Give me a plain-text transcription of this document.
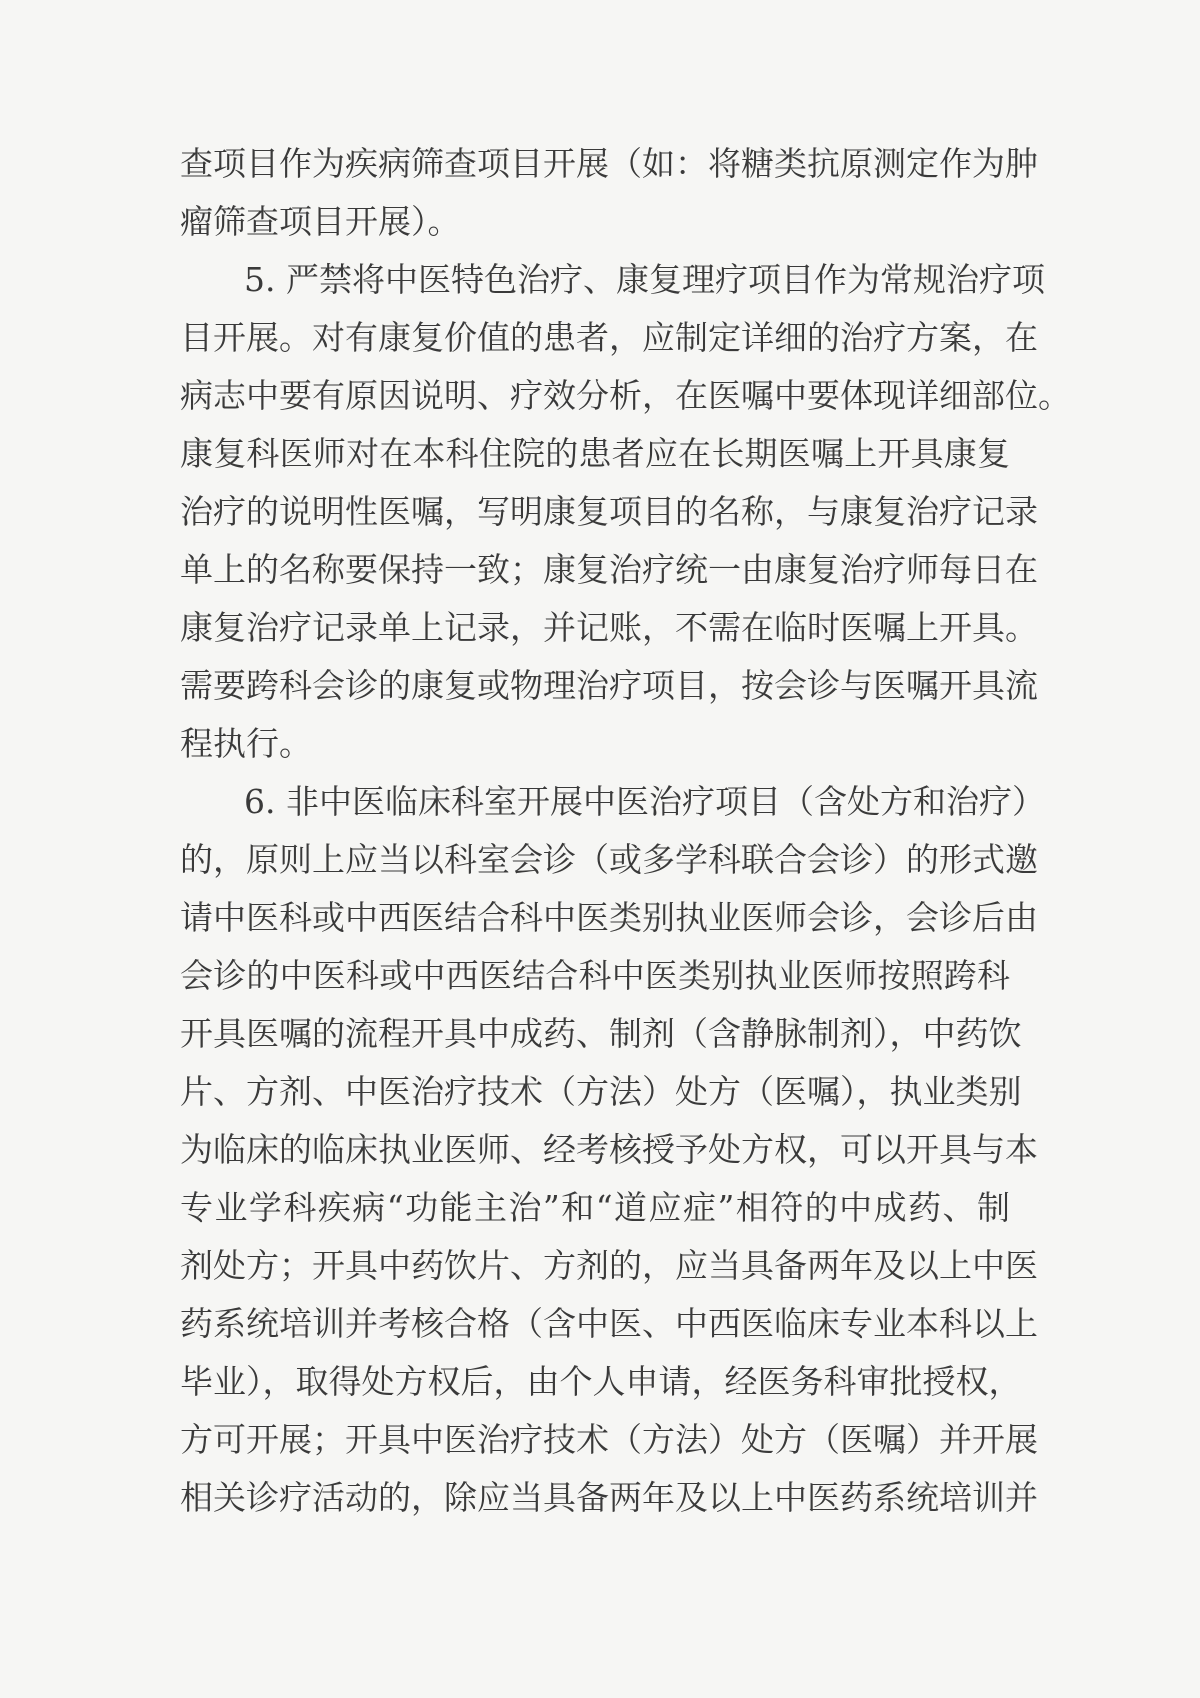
查项目作为疾病筛查项目开展（如：将糖类抗原测定作为肿
瘤筛查项目开展）。
5. 严禁将中医特色治疗、康复理疗项目作为常规治疗项
目开展。对有康复价值的患者，应制定详细的治疗方案，在
病志中要有原因说明、疗效分析，在医嘱中要体现详细部位。
康复科医师对在本科住院的患者应在长期医嘱上开具康复
治疗的说明性医嘱，写明康复项目的名称，与康复治疗记录
单上的名称要保持一致；康复治疗统一由康复治疗师每日在
康复治疗记录单上记录，并记账，不需在临时医嘱上开具。
需要跨科会诊的康复或物理治疗项目，按会诊与医嘱开具流
程执行。
6. 非中医临床科室开展中医治疗项目（含处方和治疗）
的，原则上应当以科室会诊（或多学科联合会诊）的形式邀
请中医科或中西医结合科中医类别执业医师会诊，会诊后由
会诊的中医科或中西医结合科中医类别执业医师按照跨科
开具医嘱的流程开具中成药、制剂（含静脉制剂），中药饮
片、方剂、中医治疗技术（方法）处方（医嘱），执业类别
为临床的临床执业医师、经考核授予处方权，可以开具与本
专业学科疾病“功能主治”和“道应症”相符的中成药、制
剂处方；开具中药饮片、方剂的，应当具备两年及以上中医
药系统培训并考核合格（含中医、中西医临床专业本科以上
毕业），取得处方权后，由个人申请，经医务科审批授权，
方可开展；开具中医治疗技术（方法）处方（医嘱）并开展
相关诊疗活动的，除应当具备两年及以上中医药系统培训并
